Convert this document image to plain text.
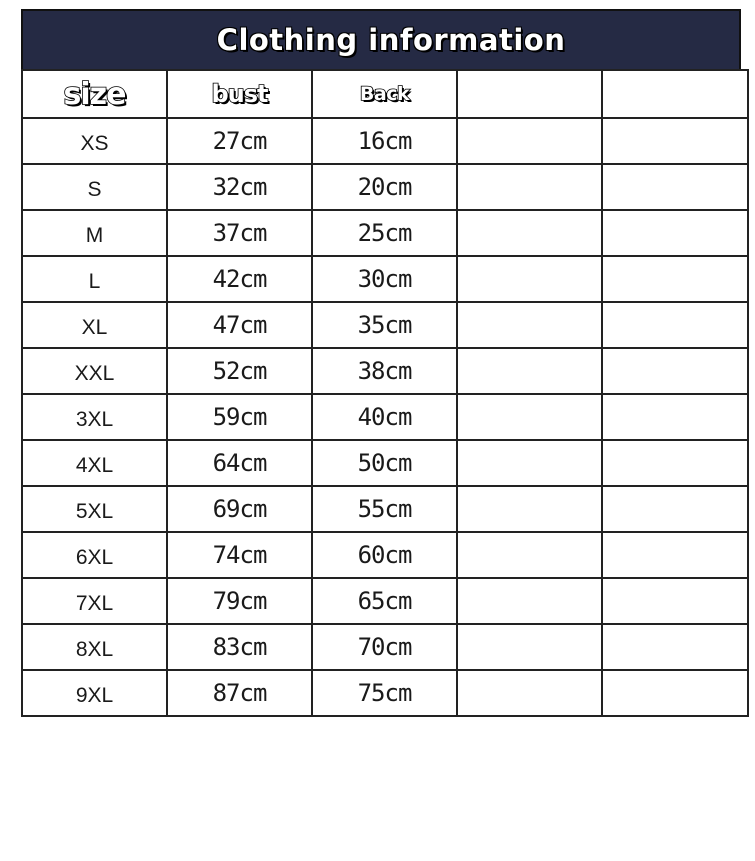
Clothing information
size	bust	Back		
XS	27cm	16cm		
S	32cm	20cm		
M	37cm	25cm		
L	42cm	30cm		
XL	47cm	35cm		
XXL	52cm	38cm		
3XL	59cm	40cm		
4XL	64cm	50cm		
5XL	69cm	55cm		
6XL	74cm	60cm		
7XL	79cm	65cm		
8XL	83cm	70cm		
9XL	87cm	75cm		
